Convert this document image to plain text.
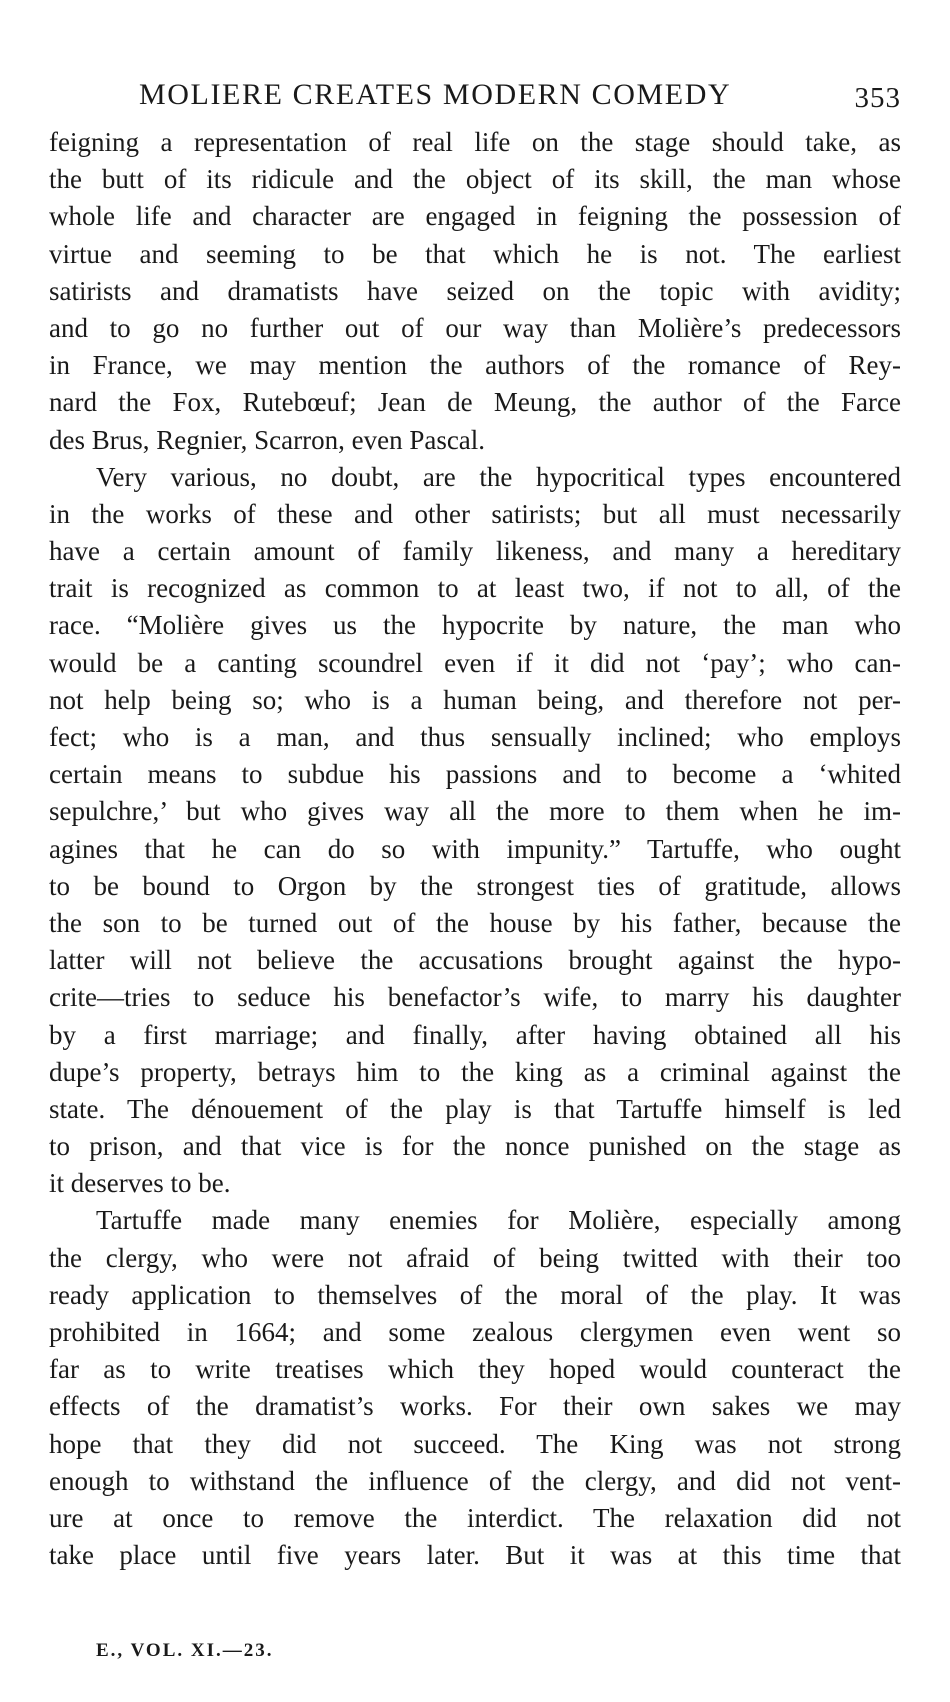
MOLIERE CREATES MODERN COMEDY	353
feigning a representation of real life on the stage should take, as
the butt of its ridicule and the object of its skill, the man whose
whole life and character are engaged in feigning the possession of
virtue and seeming to be that which he is not. The earliest
satirists and dramatists have seized on the topic with avidity;
and to go no further out of our way than Molière’s predecessors
in France, we may mention the authors of the romance of Rey-
nard the Fox, Rutebœuf; Jean de Meung, the author of the Farce
des Brus, Regnier, Scarron, even Pascal.
Very various, no doubt, are the hypocritical types encountered
in the works of these and other satirists; but all must necessarily
have a certain amount of family likeness, and many a hereditary
trait is recognized as common to at least two, if not to all, of the
race. “Molière gives us the hypocrite by nature, the man who
would be a canting scoundrel even if it did not ‘pay’; who can-
not help being so; who is a human being, and therefore not per-
fect; who is a man, and thus sensually inclined; who employs
certain means to subdue his passions and to become a ‘whited
sepulchre,’ but who gives way all the more to them when he im-
agines that he can do so with impunity.” Tartuffe, who ought
to be bound to Orgon by the strongest ties of gratitude, allows
the son to be turned out of the house by his father, because the
latter will not believe the accusations brought against the hypo-
crite—tries to seduce his benefactor’s wife, to marry his daughter
by a first marriage; and finally, after having obtained all his
dupe’s property, betrays him to the king as a criminal against the
state. The dénouement of the play is that Tartuffe himself is led
to prison, and that vice is for the nonce punished on the stage as
it deserves to be.
Tartuffe made many enemies for Molière, especially among
the clergy, who were not afraid of being twitted with their too
ready application to themselves of the moral of the play. It was
prohibited in 1664; and some zealous clergymen even went so
far as to write treatises which they hoped would counteract the
effects of the dramatist’s works. For their own sakes we may
hope that they did not succeed. The King was not strong
enough to withstand the influence of the clergy, and did not vent-
ure at once to remove the interdict. The relaxation did not
take place until five years later. But it was at this time that
E., VOL. XI.—23.
